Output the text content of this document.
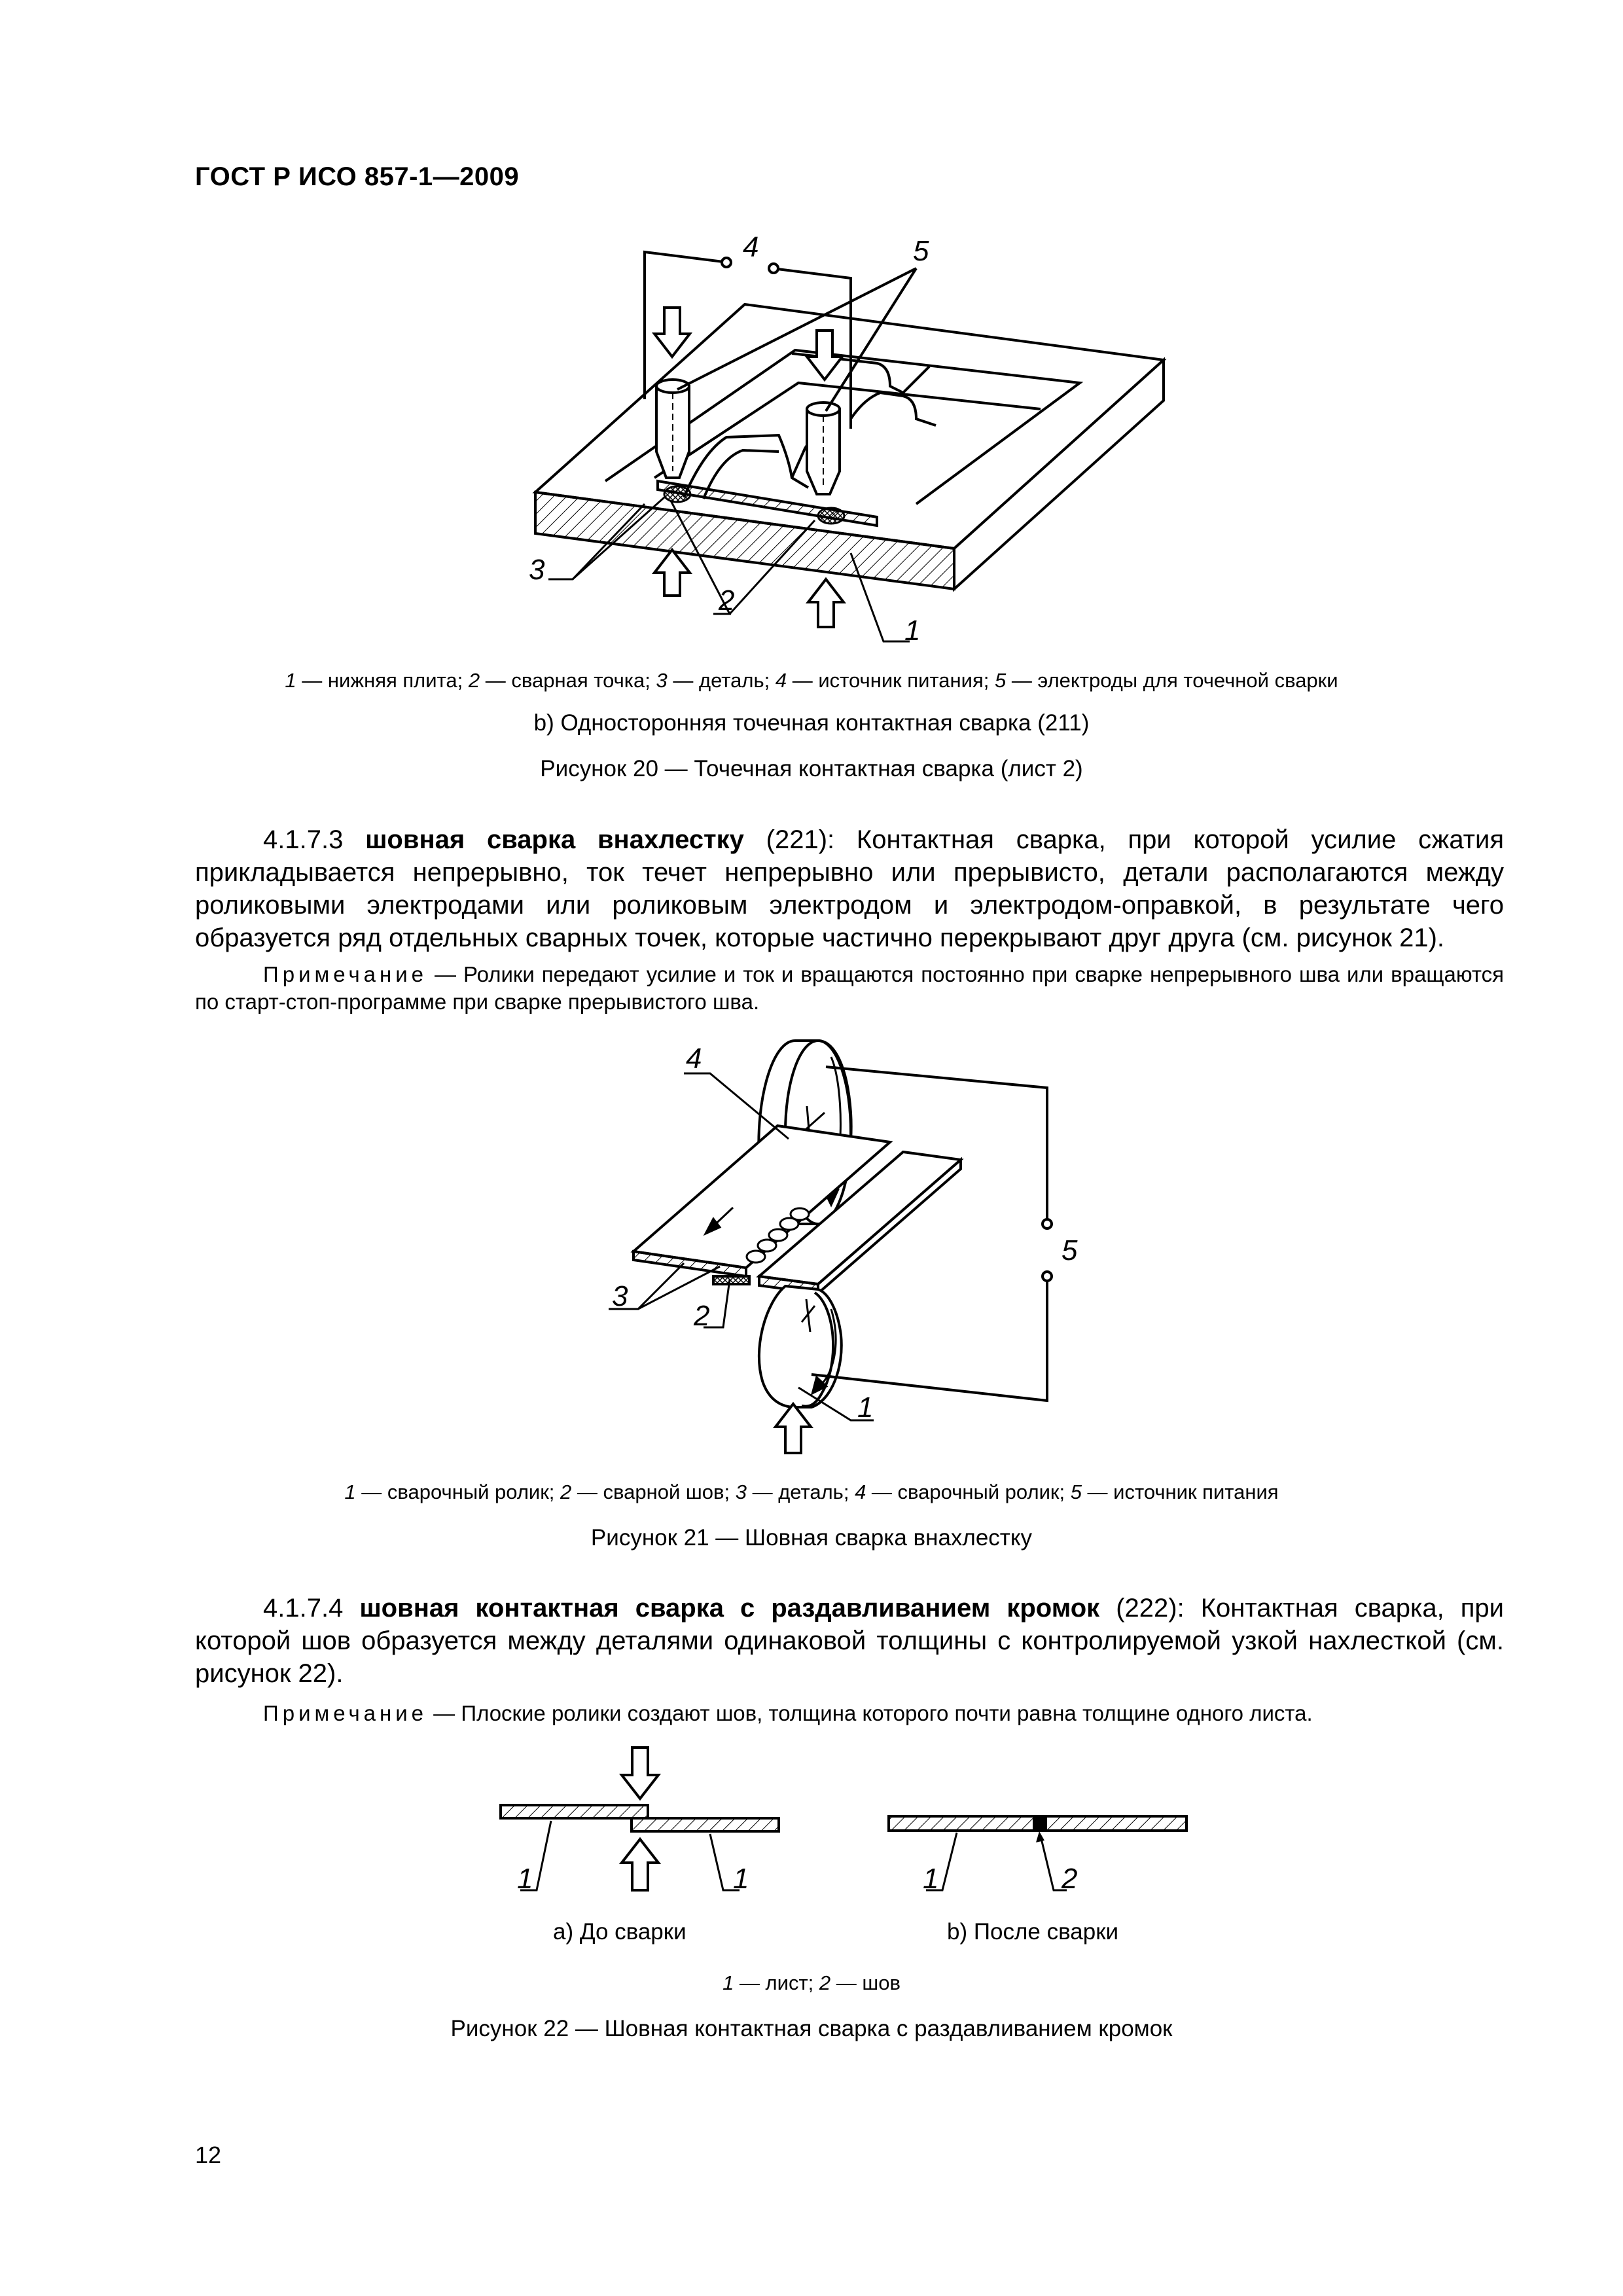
ГОСТ Р ИСО 857-1—2009
4	5
3
2
1
1 — нижняя плита; 2 — сварная точка; 3 — деталь; 4 — источник питания; 5 — электроды для точечной сварки
b) Односторонняя точечная контактная сварка (211)
Рисунок 20 — Точечная контактная сварка (лист 2)
4.1.7.3 шовная сварка внахлестку (221): Контактная сварка, при которой усилие сжатия прикладывается непрерывно, ток течет непрерывно или прерывисто, детали располагаются между роликовыми электродами или роликовым электродом и электродом-оправкой, в результате чего образуется ряд отдельных сварных точек, которые частично перекрывают друг друга (см. рисунок 21).
Примечание — Ролики передают усилие и ток и вращаются постоянно при сварке непрерывного шва или вращаются по старт-стоп-программе при сварке прерывистого шва.
4
5
3
2
1
1 — сварочный ролик; 2 — сварной шов; 3 — деталь; 4 — сварочный ролик; 5 — источник питания
Рисунок 21 — Шовная сварка внахлестку
4.1.7.4 шовная контактная сварка с раздавливанием кромок (222): Контактная сварка, при которой шов образуется между деталями одинаковой толщины с контролируемой узкой нахлесткой (см. рисунок 22).
Примечание — Плоские ролики создают шов, толщина которого почти равна толщине одного листа.
1	1	1	2
а) До сварки	b) После сварки
1 — лист; 2 — шов
Рисунок 22 — Шовная контактная сварка с раздавливанием кромок
12
